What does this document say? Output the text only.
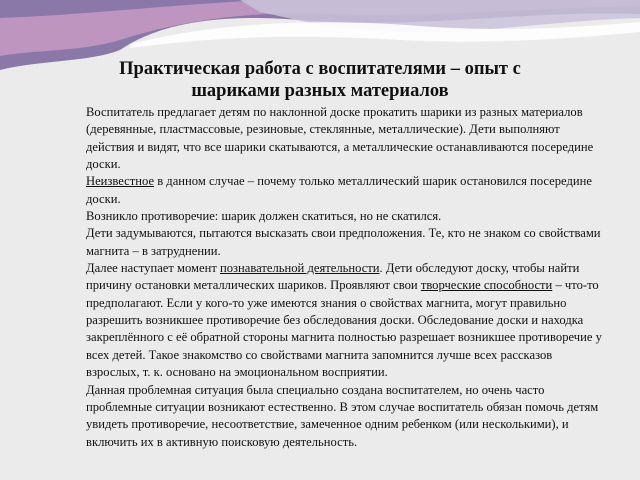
Практическая работа с воспитателями – опыт с
шариками разных материалов

Воспитатель предлагает детям по наклонной доске прокатить шарики из разных материалов (деревянные, пластмассовые, резиновые, стеклянные, металлические). Дети выполняют действия и видят, что все шарики скатываются, а металлические останавливаются посередине доски.

Неизвестное в данном случае – почему только металлический шарик остановился посередине доски.

Возникло противоречие: шарик должен скатиться, но не скатился.

Дети задумываются, пытаются высказать свои предположения. Те, кто не знаком со свойствами магнита – в затруднении.

Далее наступает момент познавательной деятельности. Дети обследуют доску, чтобы найти причину остановки металлических шариков. Проявляют свои творческие способности – что-то предполагают. Если у кого-то уже имеются знания о свойствах магнита, могут правильно разрешить возникшее противоречие без обследования доски. Обследование доски и находка закреплённого с её обратной стороны магнита полностью разрешает возникшее противоречие у всех детей. Такое знакомство со свойствами магнита запомнится лучше всех рассказов взрослых, т. к. основано на эмоциональном восприятии.

Данная проблемная ситуация была специально создана воспитателем, но очень часто проблемные ситуации возникают естественно. В этом случае воспитатель обязан помочь детям увидеть противоречие, несоответствие, замеченное одним ребенком (или несколькими), и включить их в активную поисковую деятельность.
